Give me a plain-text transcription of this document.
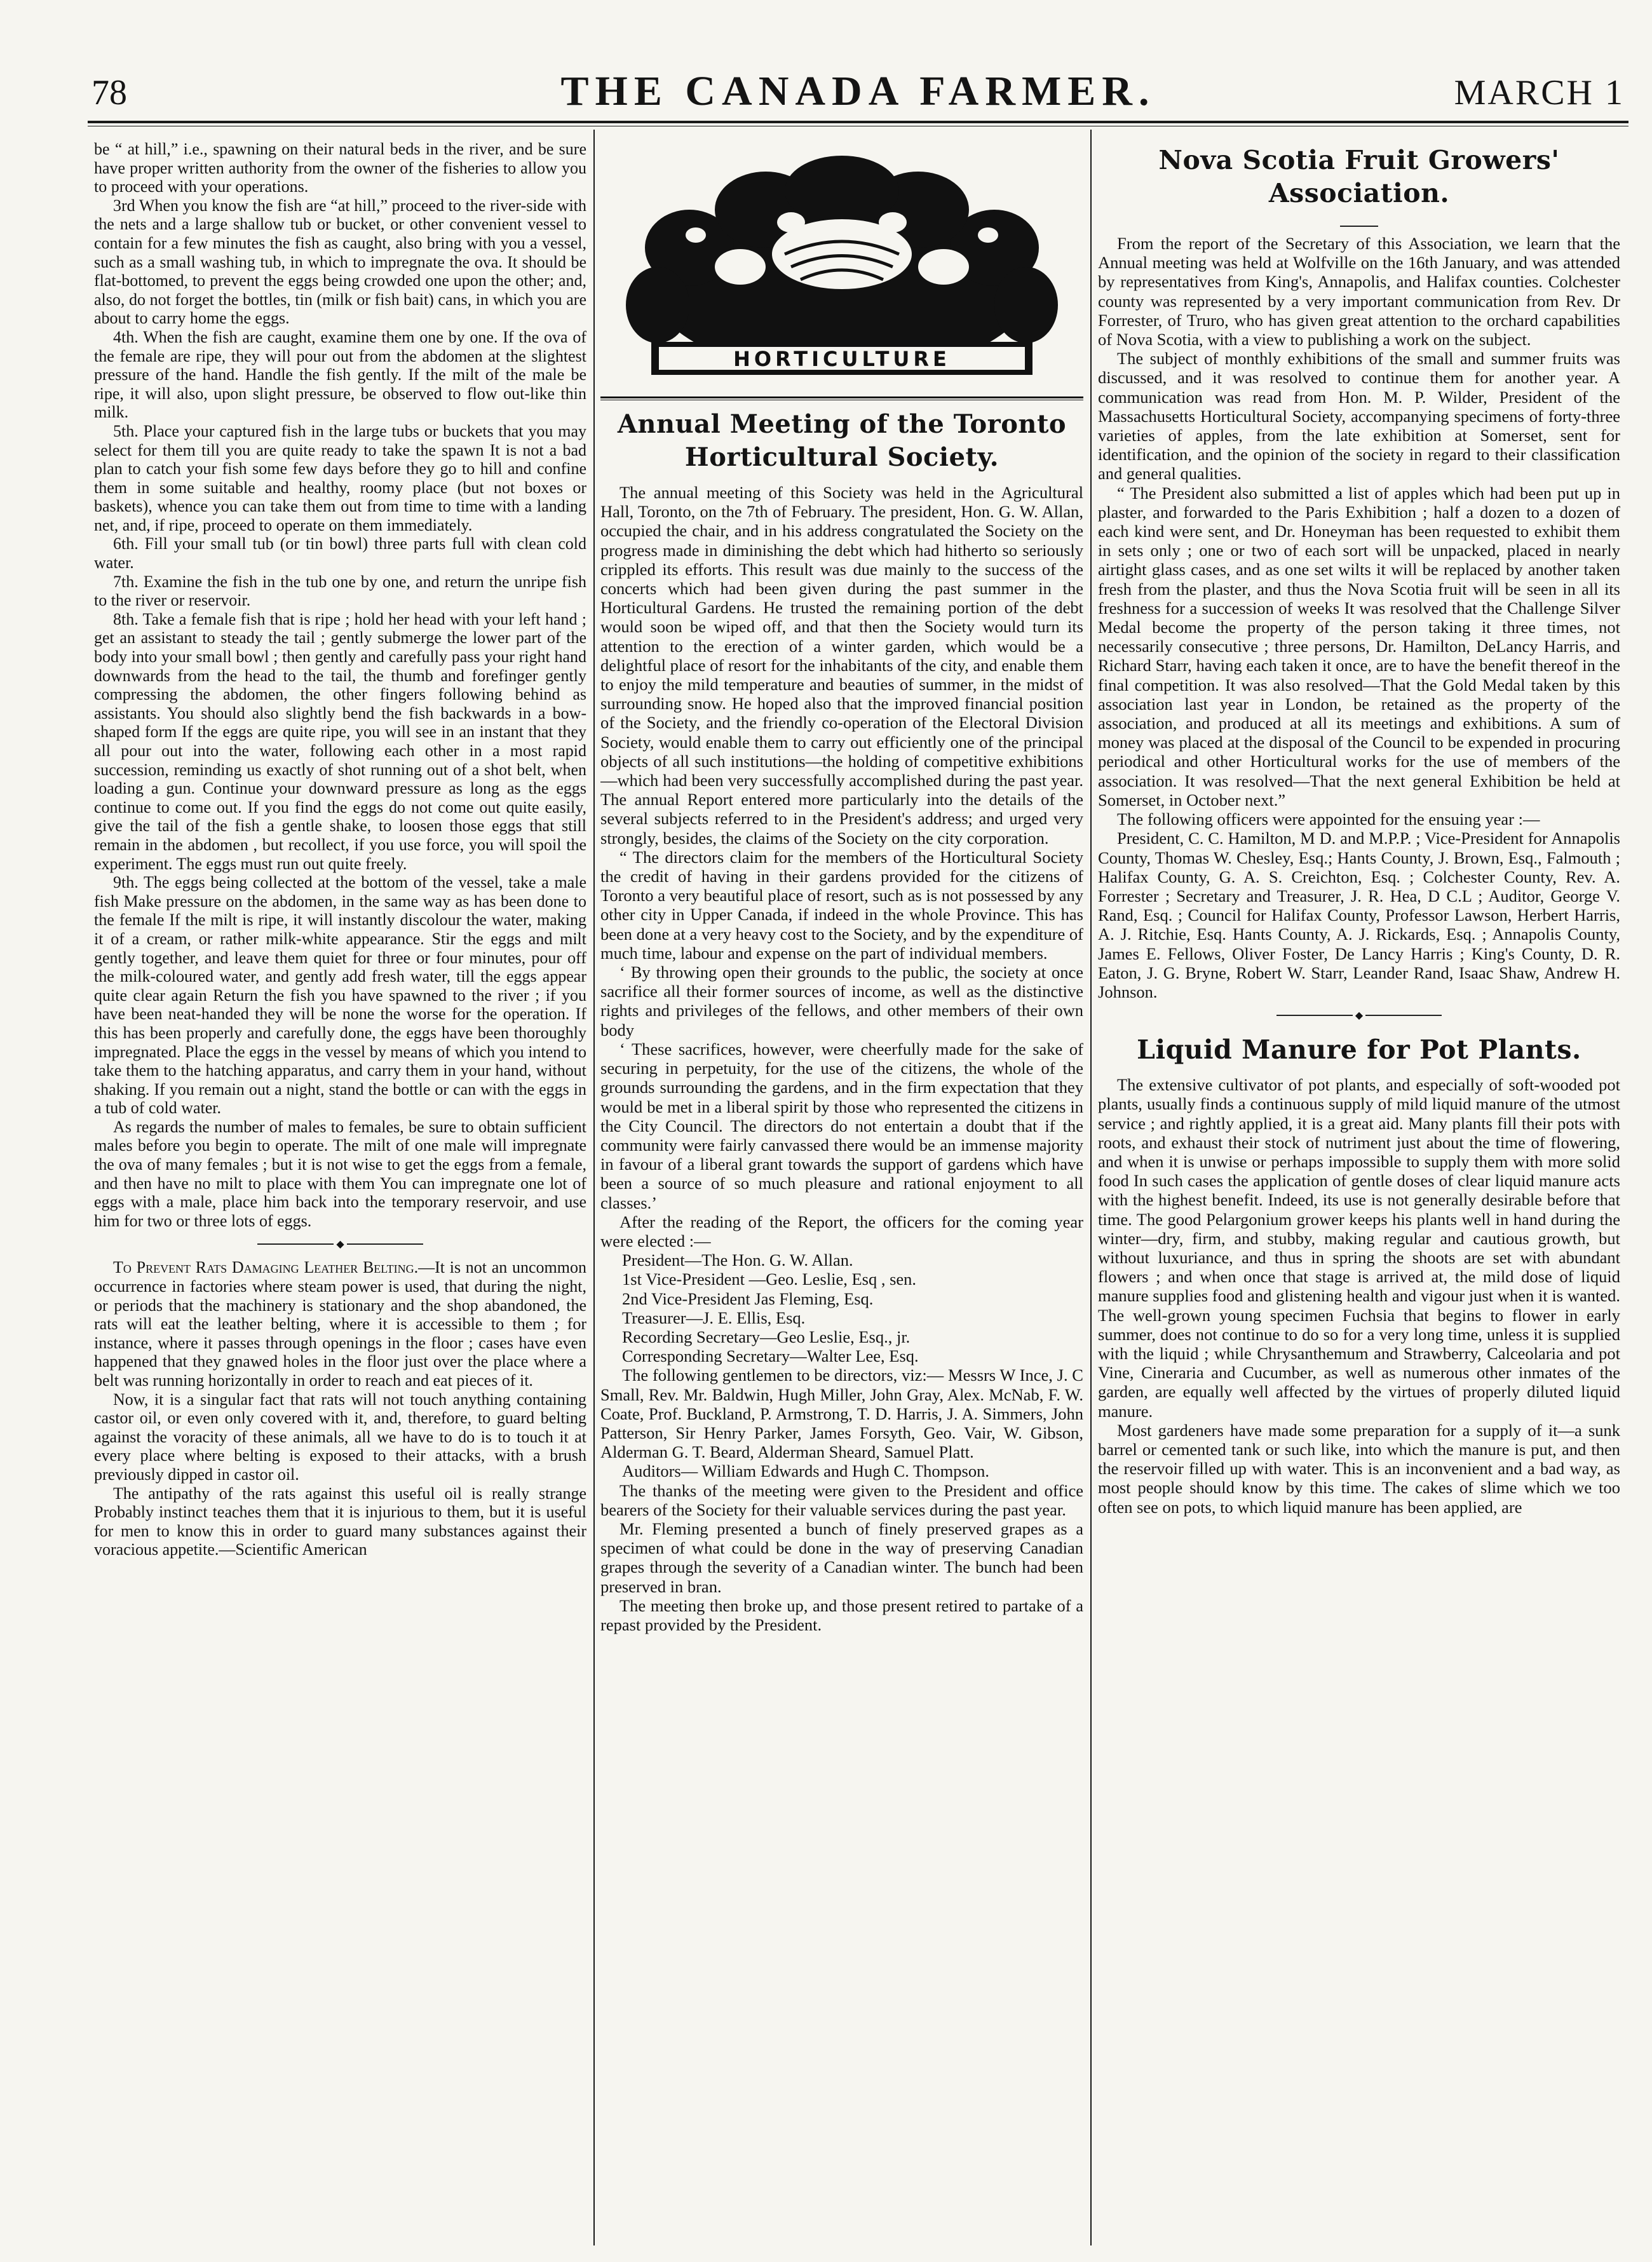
78	THE CANADA FARMER.	MARCH 1

be “ at hill,” i.e., spawning on their natural beds in the river, and be sure have proper written authority from the owner of the fisheries to allow you to proceed with your operations.

3rd When you know the fish are “at hill,” proceed to the river-side with the nets and a large shallow tub or bucket, or other convenient vessel to contain for a few minutes the fish as caught, also bring with you a vessel, such as a small washing tub, in which to impregnate the ova. It should be flat-bottomed, to prevent the eggs being crowded one upon the other; and, also, do not forget the bottles, tin (milk or fish bait) cans, in which you are about to carry home the eggs.

4th. When the fish are caught, examine them one by one. If the ova of the female are ripe, they will pour out from the abdomen at the slightest pressure of the hand. Handle the fish gently. If the milt of the male be ripe, it will also, upon slight pressure, be observed to flow out-like thin milk.

5th. Place your captured fish in the large tubs or buckets that you may select for them till you are quite ready to take the spawn It is not a bad plan to catch your fish some few days before they go to hill and confine them in some suitable and healthy, roomy place (but not boxes or baskets), whence you can take them out from time to time with a landing net, and, if ripe, proceed to operate on them immediately.

6th. Fill your small tub (or tin bowl) three parts full with clean cold water.

7th. Examine the fish in the tub one by one, and return the unripe fish to the river or reservoir.

8th. Take a female fish that is ripe ; hold her head with your left hand ; get an assistant to steady the tail ; gently submerge the lower part of the body into your small bowl ; then gently and carefully pass your right hand downwards from the head to the tail, the thumb and forefinger gently compressing the abdomen, the other fingers following behind as assistants. You should also slightly bend the fish backwards in a bow-shaped form If the eggs are quite ripe, you will see in an instant that they all pour out into the water, following each other in a most rapid succession, reminding us exactly of shot running out of a shot belt, when loading a gun. Continue your downward pressure as long as the eggs continue to come out. If you find the eggs do not come out quite easily, give the tail of the fish a gentle shake, to loosen those eggs that still remain in the abdomen , but recollect, if you use force, you will spoil the experiment. The eggs must run out quite freely.

9th. The eggs being collected at the bottom of the vessel, take a male fish Make pressure on the abdomen, in the same way as has been done to the female If the milt is ripe, it will instantly discolour the water, making it of a cream, or rather milk-white appearance. Stir the eggs and milt gently together, and leave them quiet for three or four minutes, pour off the milk-coloured water, and gently add fresh water, till the eggs appear quite clear again Return the fish you have spawned to the river ; if you have been neat-handed they will be none the worse for the operation. If this has been properly and carefully done, the eggs have been thoroughly impregnated. Place the eggs in the vessel by means of which you intend to take them to the hatching apparatus, and carry them in your hand, without shaking. If you remain out a night, stand the bottle or can with the eggs in a tub of cold water.

As regards the number of males to females, be sure to obtain sufficient males before you begin to operate. The milt of one male will impregnate the ova of many females ; but it is not wise to get the eggs from a female, and then have no milt to place with them You can impregnate one lot of eggs with a male, place him back into the temporary reservoir, and use him for two or three lots of eggs.

◆

To Prevent Rats Damaging Leather Belting.—It is not an uncommon occurrence in factories where steam power is used, that during the night, or periods that the machinery is stationary and the shop abandoned, the rats will eat the leather belting, where it is accessible to them ; for instance, where it passes through openings in the floor ; cases have even happened that they gnawed holes in the floor just over the place where a belt was running horizontally in order to reach and eat pieces of it.

Now, it is a singular fact that rats will not touch anything containing castor oil, or even only covered with it, and, therefore, to guard belting against the voracity of these animals, all we have to do is to touch it at every place where belting is exposed to their attacks, with a brush previously dipped in castor oil.

The antipathy of the rats against this useful oil is really strange Probably instinct teaches them that it is injurious to them, but it is useful for men to know this in order to guard many substances against their voracious appetite.—Scientific American

HORTICULTURE
Annual Meeting of the Toronto Horticultural Society.

The annual meeting of this Society was held in the Agricultural Hall, Toronto, on the 7th of February. The president, Hon. G. W. Allan, occupied the chair, and in his address congratulated the Society on the progress made in diminishing the debt which had hitherto so seriously crippled its efforts. This result was due mainly to the success of the concerts which had been given during the past summer in the Horticultural Gardens. He trusted the remaining portion of the debt would soon be wiped off, and that then the Society would turn its attention to the erection of a winter garden, which would be a delightful place of resort for the inhabitants of the city, and enable them to enjoy the mild temperature and beauties of summer, in the midst of surrounding snow. He hoped also that the improved financial position of the Society, and the friendly co-operation of the Electoral Division Society, would enable them to carry out efficiently one of the principal objects of all such institutions—the holding of competitive exhibitions—which had been very successfully accomplished during the past year. The annual Report entered more particularly into the details of the several subjects referred to in the President's address; and urged very strongly, besides, the claims of the Society on the city corporation.

“ The directors claim for the members of the Horticultural Society the credit of having in their gardens provided for the citizens of Toronto a very beautiful place of resort, such as is not possessed by any other city in Upper Canada, if indeed in the whole Province. This has been done at a very heavy cost to the Society, and by the expenditure of much time, labour and expense on the part of individual members.

‘ By throwing open their grounds to the public, the society at once sacrifice all their former sources of income, as well as the distinctive rights and privileges of the fellows, and other members of their own body

‘ These sacrifices, however, were cheerfully made for the sake of securing in perpetuity, for the use of the citizens, the whole of the grounds surrounding the gardens, and in the firm expectation that they would be met in a liberal spirit by those who represented the citizens in the City Council. The directors do not entertain a doubt that if the community were fairly canvassed there would be an immense majority in favour of a liberal grant towards the support of gardens which have been a source of so much pleasure and rational enjoyment to all classes.’

After the reading of the Report, the officers for the coming year were elected :—

President—The Hon. G. W. Allan.

1st Vice-President —Geo. Leslie, Esq , sen.

2nd Vice-President Jas Fleming, Esq.

Treasurer—J. E. Ellis, Esq.

Recording Secretary—Geo Leslie, Esq., jr.

Corresponding Secretary—Walter Lee, Esq.

The following gentlemen to be directors, viz:— Messrs W Ince, J. C Small, Rev. Mr. Baldwin, Hugh Miller, John Gray, Alex. McNab, F. W. Coate, Prof. Buckland, P. Armstrong, T. D. Harris, J. A. Simmers, John Patterson, Sir Henry Parker, James Forsyth, Geo. Vair, W. Gibson, Alderman G. T. Beard, Alderman Sheard, Samuel Platt.

Auditors— William Edwards and Hugh C. Thompson.

The thanks of the meeting were given to the President and office bearers of the Society for their valuable services during the past year.

Mr. Fleming presented a bunch of finely preserved grapes as a specimen of what could be done in the way of preserving Canadian grapes through the severity of a Canadian winter. The bunch had been preserved in bran.

The meeting then broke up, and those present retired to partake of a repast provided by the President.

Nova Scotia Fruit Growers' Association.

From the report of the Secretary of this Association, we learn that the Annual meeting was held at Wolfville on the 16th January, and was attended by representatives from King's, Annapolis, and Halifax counties. Colchester county was represented by a very important communication from Rev. Dr Forrester, of Truro, who has given great attention to the orchard capabilities of Nova Scotia, with a view to publishing a work on the subject.

The subject of monthly exhibitions of the small and summer fruits was discussed, and it was resolved to continue them for another year. A communication was read from Hon. M. P. Wilder, President of the Massachusetts Horticultural Society, accompanying specimens of forty-three varieties of apples, from the late exhibition at Somerset, sent for identification, and the opinion of the society in regard to their classification and general qualities.

“ The President also submitted a list of apples which had been put up in plaster, and forwarded to the Paris Exhibition ; half a dozen to a dozen of each kind were sent, and Dr. Honeyman has been requested to exhibit them in sets only ; one or two of each sort will be unpacked, placed in nearly airtight glass cases, and as one set wilts it will be replaced by another taken fresh from the plaster, and thus the Nova Scotia fruit will be seen in all its freshness for a succession of weeks It was resolved that the Challenge Silver Medal become the property of the person taking it three times, not necessarily consecutive ; three persons, Dr. Hamilton, DeLancy Harris, and Richard Starr, having each taken it once, are to have the benefit thereof in the final competition. It was also resolved—That the Gold Medal taken by this association last year in London, be retained as the property of the association, and produced at all its meetings and exhibitions. A sum of money was placed at the disposal of the Council to be expended in procuring periodical and other Horticultural works for the use of members of the association. It was resolved—That the next general Exhibition be held at Somerset, in October next.”

The following officers were appointed for the ensuing year :—

President, C. C. Hamilton, M D. and M.P.P. ; Vice-President for Annapolis County, Thomas W. Chesley, Esq.; Hants County, J. Brown, Esq., Falmouth ; Halifax County, G. A. S. Creichton, Esq. ; Colchester County, Rev. A. Forrester ; Secretary and Treasurer, J. R. Hea, D C.L ; Auditor, George V. Rand, Esq. ; Council for Halifax County, Professor Lawson, Herbert Harris, A. J. Ritchie, Esq. Hants County, A. J. Rickards, Esq. ; Annapolis County, James E. Fellows, Oliver Foster, De Lancy Harris ; King's County, D. R. Eaton, J. G. Bryne, Robert W. Starr, Leander Rand, Isaac Shaw, Andrew H. Johnson.

◆
Liquid Manure for Pot Plants.

The extensive cultivator of pot plants, and especially of soft-wooded pot plants, usually finds a continuous supply of mild liquid manure of the utmost service ; and rightly applied, it is a great aid. Many plants fill their pots with roots, and exhaust their stock of nutriment just about the time of flowering, and when it is unwise or perhaps impossible to supply them with more solid food In such cases the application of gentle doses of clear liquid manure acts with the highest benefit. Indeed, its use is not generally desirable before that time. The good Pelargonium grower keeps his plants well in hand during the winter—dry, firm, and stubby, making regular and cautious growth, but without luxuriance, and thus in spring the shoots are set with abundant flowers ; and when once that stage is arrived at, the mild dose of liquid manure supplies food and glistening health and vigour just when it is wanted. The well-grown young specimen Fuchsia that begins to flower in early summer, does not continue to do so for a very long time, unless it is supplied with the liquid ; while Chrysanthemum and Strawberry, Calceolaria and pot Vine, Cineraria and Cucumber, as well as numerous other inmates of the garden, are equally well affected by the virtues of properly diluted liquid manure.

Most gardeners have made some preparation for a supply of it—a sunk barrel or cemented tank or such like, into which the manure is put, and then the reservoir filled up with water. This is an inconvenient and a bad way, as most people should know by this time. The cakes of slime which we too often see on pots, to which liquid manure has been applied, are
